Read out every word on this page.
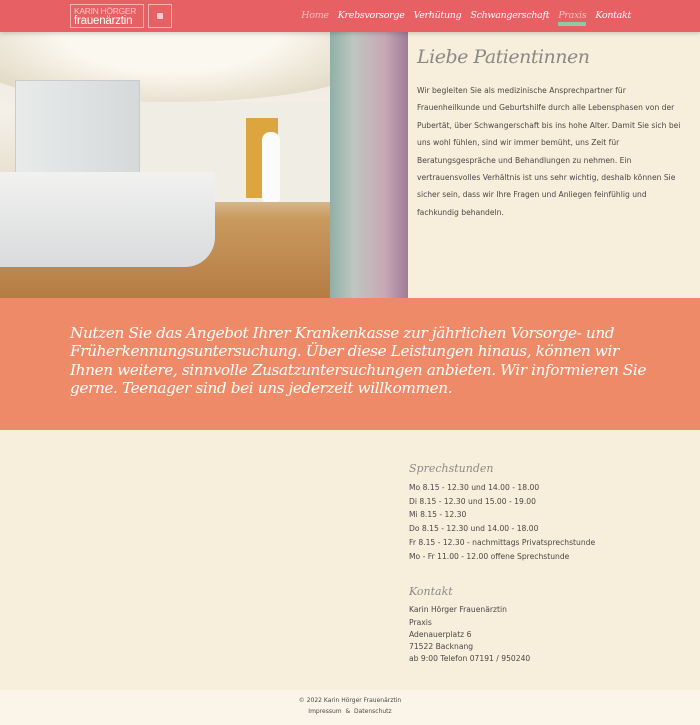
KARIN HÖRGER
frauenärztin	Home Krebsvorsorge Verhütung Schwangerschaft Praxis Kontakt
Liebe Patientinnen

Wir begleiten Sie als medizinische Ansprechpartner für Frauenheilkunde und Geburtshilfe durch alle Lebensphasen von der Pubertät, über Schwangerschaft bis ins hohe Alter. Damit Sie sich bei uns wohl fühlen, sind wir immer bemüht, uns Zeit für Beratungsgespräche und Behandlungen zu nehmen. Ein vertrauensvolles Verhältnis ist uns sehr wichtig, deshalb können Sie sicher sein, dass wir Ihre Fragen und Anliegen feinfühlig und fachkundig behandeln.

Nutzen Sie das Angebot Ihrer Krankenkasse zur jährlichen Vorsorge- und Früherkennungsuntersuchung. Über diese Leistungen hinaus, können wir Ihnen weitere, sinnvolle Zusatzuntersuchungen anbieten. Wir informieren Sie gerne. Teenager sind bei uns jederzeit willkommen.

Sprechstunden
Mo 8.15 - 12.30 und 14.00 - 18.00
Di 8.15 - 12.30 und 15.00 - 19.00
Mi 8.15 - 12.30
Do 8.15 - 12.30 und 14.00 - 18.00
Fr 8.15 - 12.30 - nachmittags Privatsprechstunde
Mo - Fr 11.00 - 12.00 offene Sprechstunde
Kontakt
Karin Hörger Frauenärztin
Praxis
Adenauerplatz 6
71522 Backnang
ab 9:00 Telefon 07191 / 950240
© 2022 Karin Hörger Frauenärztin
Impressum & Datenschutz
